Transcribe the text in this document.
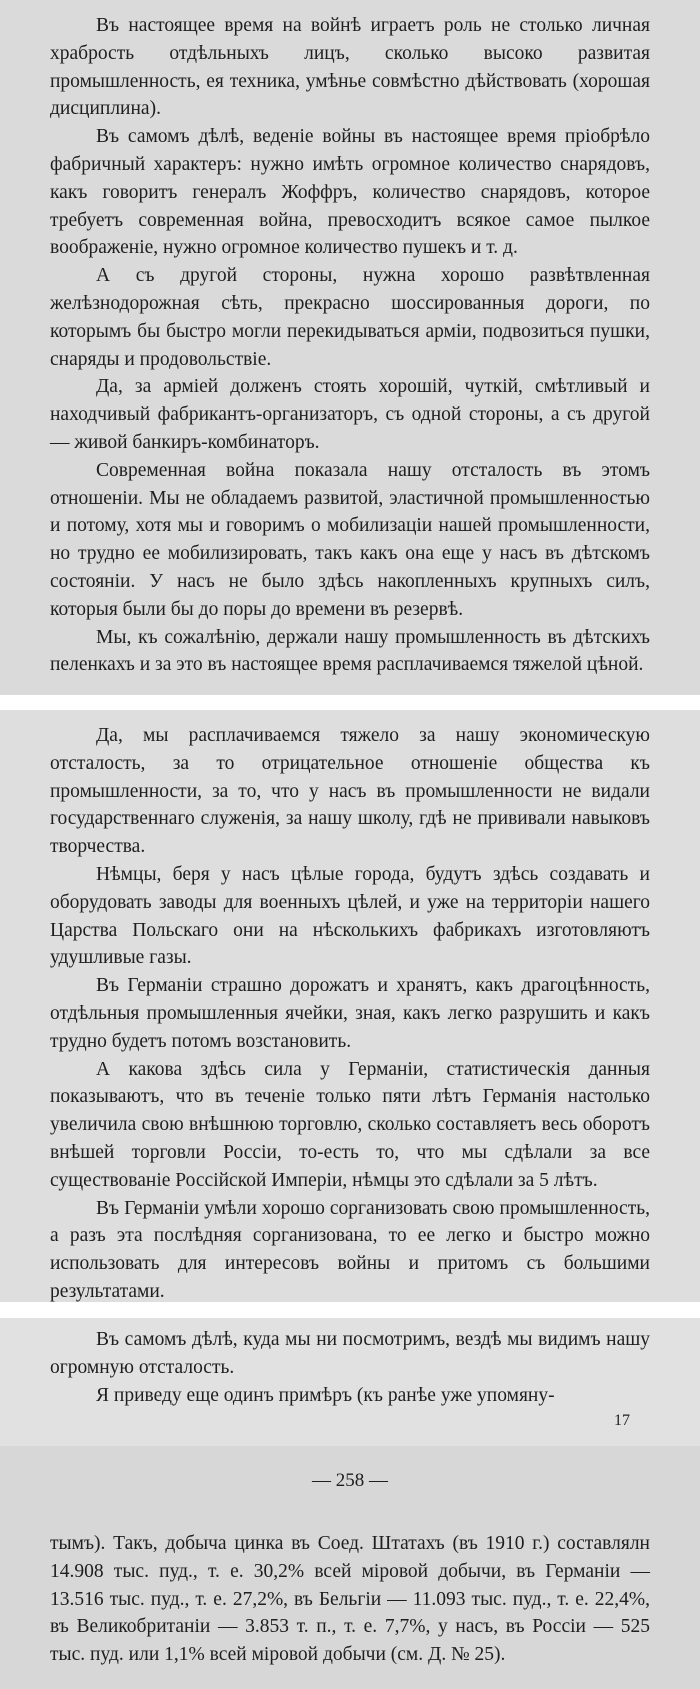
Въ настоящее время на войнѣ играетъ роль не столько личная храбрость отдѣльныхъ лицъ, сколько высоко развитая промышленность, ея техника, умѣнье совмѣстно дѣйствовать (хорошая дисциплина).

Въ самомъ дѣлѣ, веденіе войны въ настоящее время пріобрѣло фабричный характеръ: нужно имѣть огромное количество снарядовъ, какъ говоритъ генералъ Жоффръ, количество снарядовъ, которое требуетъ современная война, превосходитъ всякое самое пылкое воображеніе, нужно огромное количество пушекъ и т. д.

А съ другой стороны, нужна хорошо развѣтвленная желѣзнодорожная сѣть, прекрасно шоссированныя дороги, по которымъ бы быстро могли перекидываться арміи, подвозиться пушки, снаряды и продовольствіе.

Да, за арміей долженъ стоять хорошій, чуткій, смѣтливый и находчивый фабрикантъ-организаторъ, съ одной стороны, а съ другой — живой банкиръ-комбинаторъ.

Современная война показала нашу отсталость въ этомъ отношеніи. Мы не обладаемъ развитой, эластичной промышленностью и потому, хотя мы и говоримъ о мобилизаціи нашей промышленности, но трудно ее мобилизировать, такъ какъ она еще у насъ въ дѣтскомъ состояніи. У насъ не было здѣсь накопленныхъ крупныхъ силъ, которыя были бы до поры до времени въ резервѣ.

Мы, къ сожалѣнію, держали нашу промышленность въ дѣтскихъ пеленкахъ и за это въ настоящее время расплачиваемся тяжелой цѣной.

Да, мы расплачиваемся тяжело за нашу экономическую отсталость, за то отрицательное отношеніе общества къ промышленности, за то, что у насъ въ промышленности не видали государственнаго служенія, за нашу школу, гдѣ не прививали навыковъ творчества.

Нѣмцы, беря у насъ цѣлые города, будутъ здѣсь создавать и оборудовать заводы для военныхъ цѣлей, и уже на территоріи нашего Царства Польскаго они на нѣсколькихъ фабрикахъ изготовляютъ удушливые газы.

Въ Германіи страшно дорожатъ и хранятъ, какъ драгоцѣнность, отдѣльныя промышленныя ячейки, зная, какъ легко разрушить и какъ трудно будетъ потомъ возстановить.

А какова здѣсь сила у Германіи, статистическія данныя показываютъ, что въ теченіе только пяти лѣтъ Германія настолько увеличила свою внѣшнюю торговлю, сколько составляетъ весь оборотъ внѣшей торговли Россіи, то-есть то, что мы сдѣлали за все существованіе Россійской Имперіи, нѣмцы это сдѣлали за 5 лѣтъ.

Въ Германіи умѣли хорошо сорганизовать свою промышленность, а разъ эта послѣдняя сорганизована, то ее легко и быстро можно использовать для интересовъ войны и притомъ съ большими результатами.

Въ самомъ дѣлѣ, куда мы ни посмотримъ, вездѣ мы видимъ нашу огромную отсталость.

Я приведу еще одинъ примѣръ (къ ранѣе уже упомяну-

17
— 258 —

тымъ). Такъ, добыча цинка въ Соед. Штатахъ (въ 1910 г.) составлялн 14.908 тыс. пуд., т. е. 30,2% всей міровой добычи, въ Германіи — 13.516 тыс. пуд., т. е. 27,2%, въ Бельгіи — 11.093 тыс. пуд., т. е. 22,4%, въ Великобританіи — 3.853 т. п., т. е. 7,7%, у насъ, въ Россіи — 525 тыс. пуд. или 1,1% всей міровой добычи (см. Д. № 25).
